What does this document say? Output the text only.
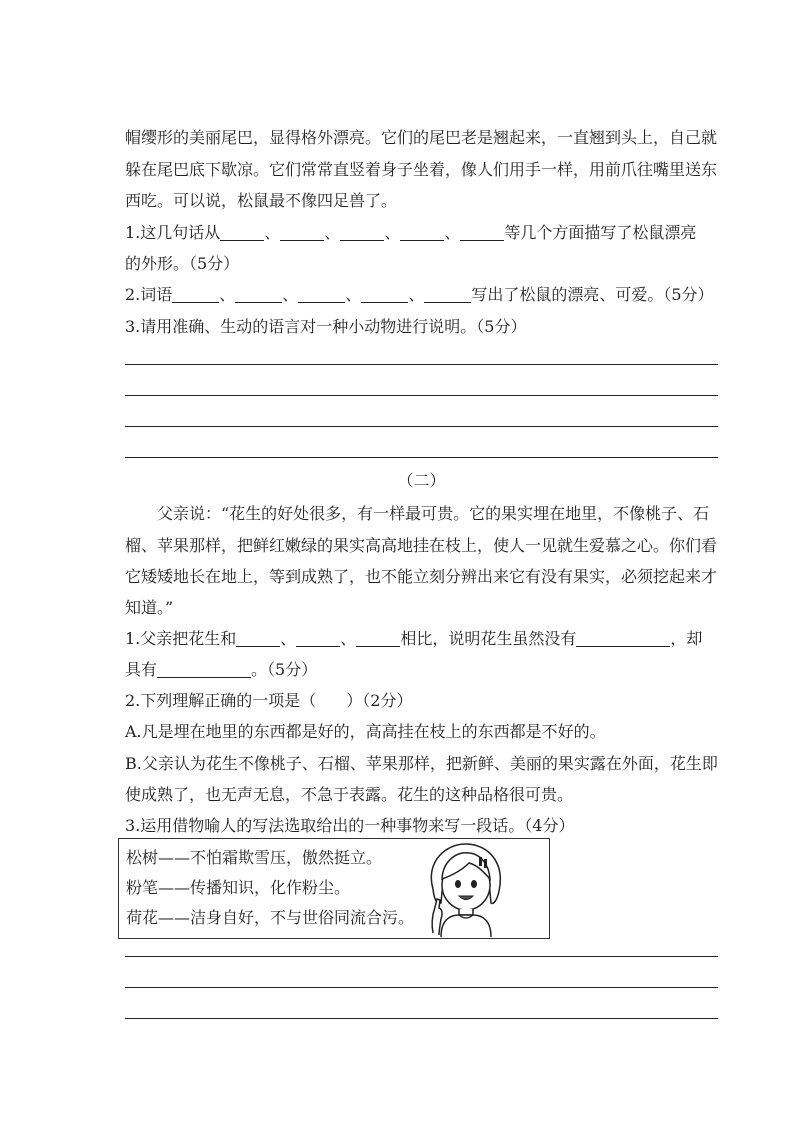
帽缨形的美丽尾巴，显得格外漂亮。它们的尾巴老是翘起来，一直翘到头上，自己就
躲在尾巴底下歇凉。它们常常直竖着身子坐着，像人们用手一样，用前爪往嘴里送东
西吃。可以说，松鼠最不像四足兽了。
1.这几句话从	、	、	、	、	等几个方面描写了松鼠漂亮
的外形。（5分）
2.词语	、	、	、	、	写出了松鼠的漂亮、可爱。（5分）
3.请用准确、生动的语言对一种小动物进行说明。（5分）
（二）
父亲说：“花生的好处很多，有一样最可贵。它的果实埋在地里，不像桃子、石
榴、苹果那样，把鲜红嫩绿的果实高高地挂在枝上，使人一见就生爱慕之心。你们看
它矮矮地长在地上，等到成熟了，也不能立刻分辨出来它有没有果实，必须挖起来才
知道。”
1.父亲把花生和	、	、	相比，说明花生虽然没有	，却
具有	。（5分）
2.下列理解正确的一项是（ ）（2分）
A.凡是埋在地里的东西都是好的，高高挂在枝上的东西都是不好的。
B.父亲认为花生不像桃子、石榴、苹果那样，把新鲜、美丽的果实露在外面，花生即
使成熟了，也无声无息，不急于表露。花生的这种品格很可贵。
3.运用借物喻人的写法选取给出的一种事物来写一段话。（4分）
松树——不怕霜欺雪压，傲然挺立。
粉笔——传播知识，化作粉尘。
荷花——洁身自好，不与世俗同流合污。
